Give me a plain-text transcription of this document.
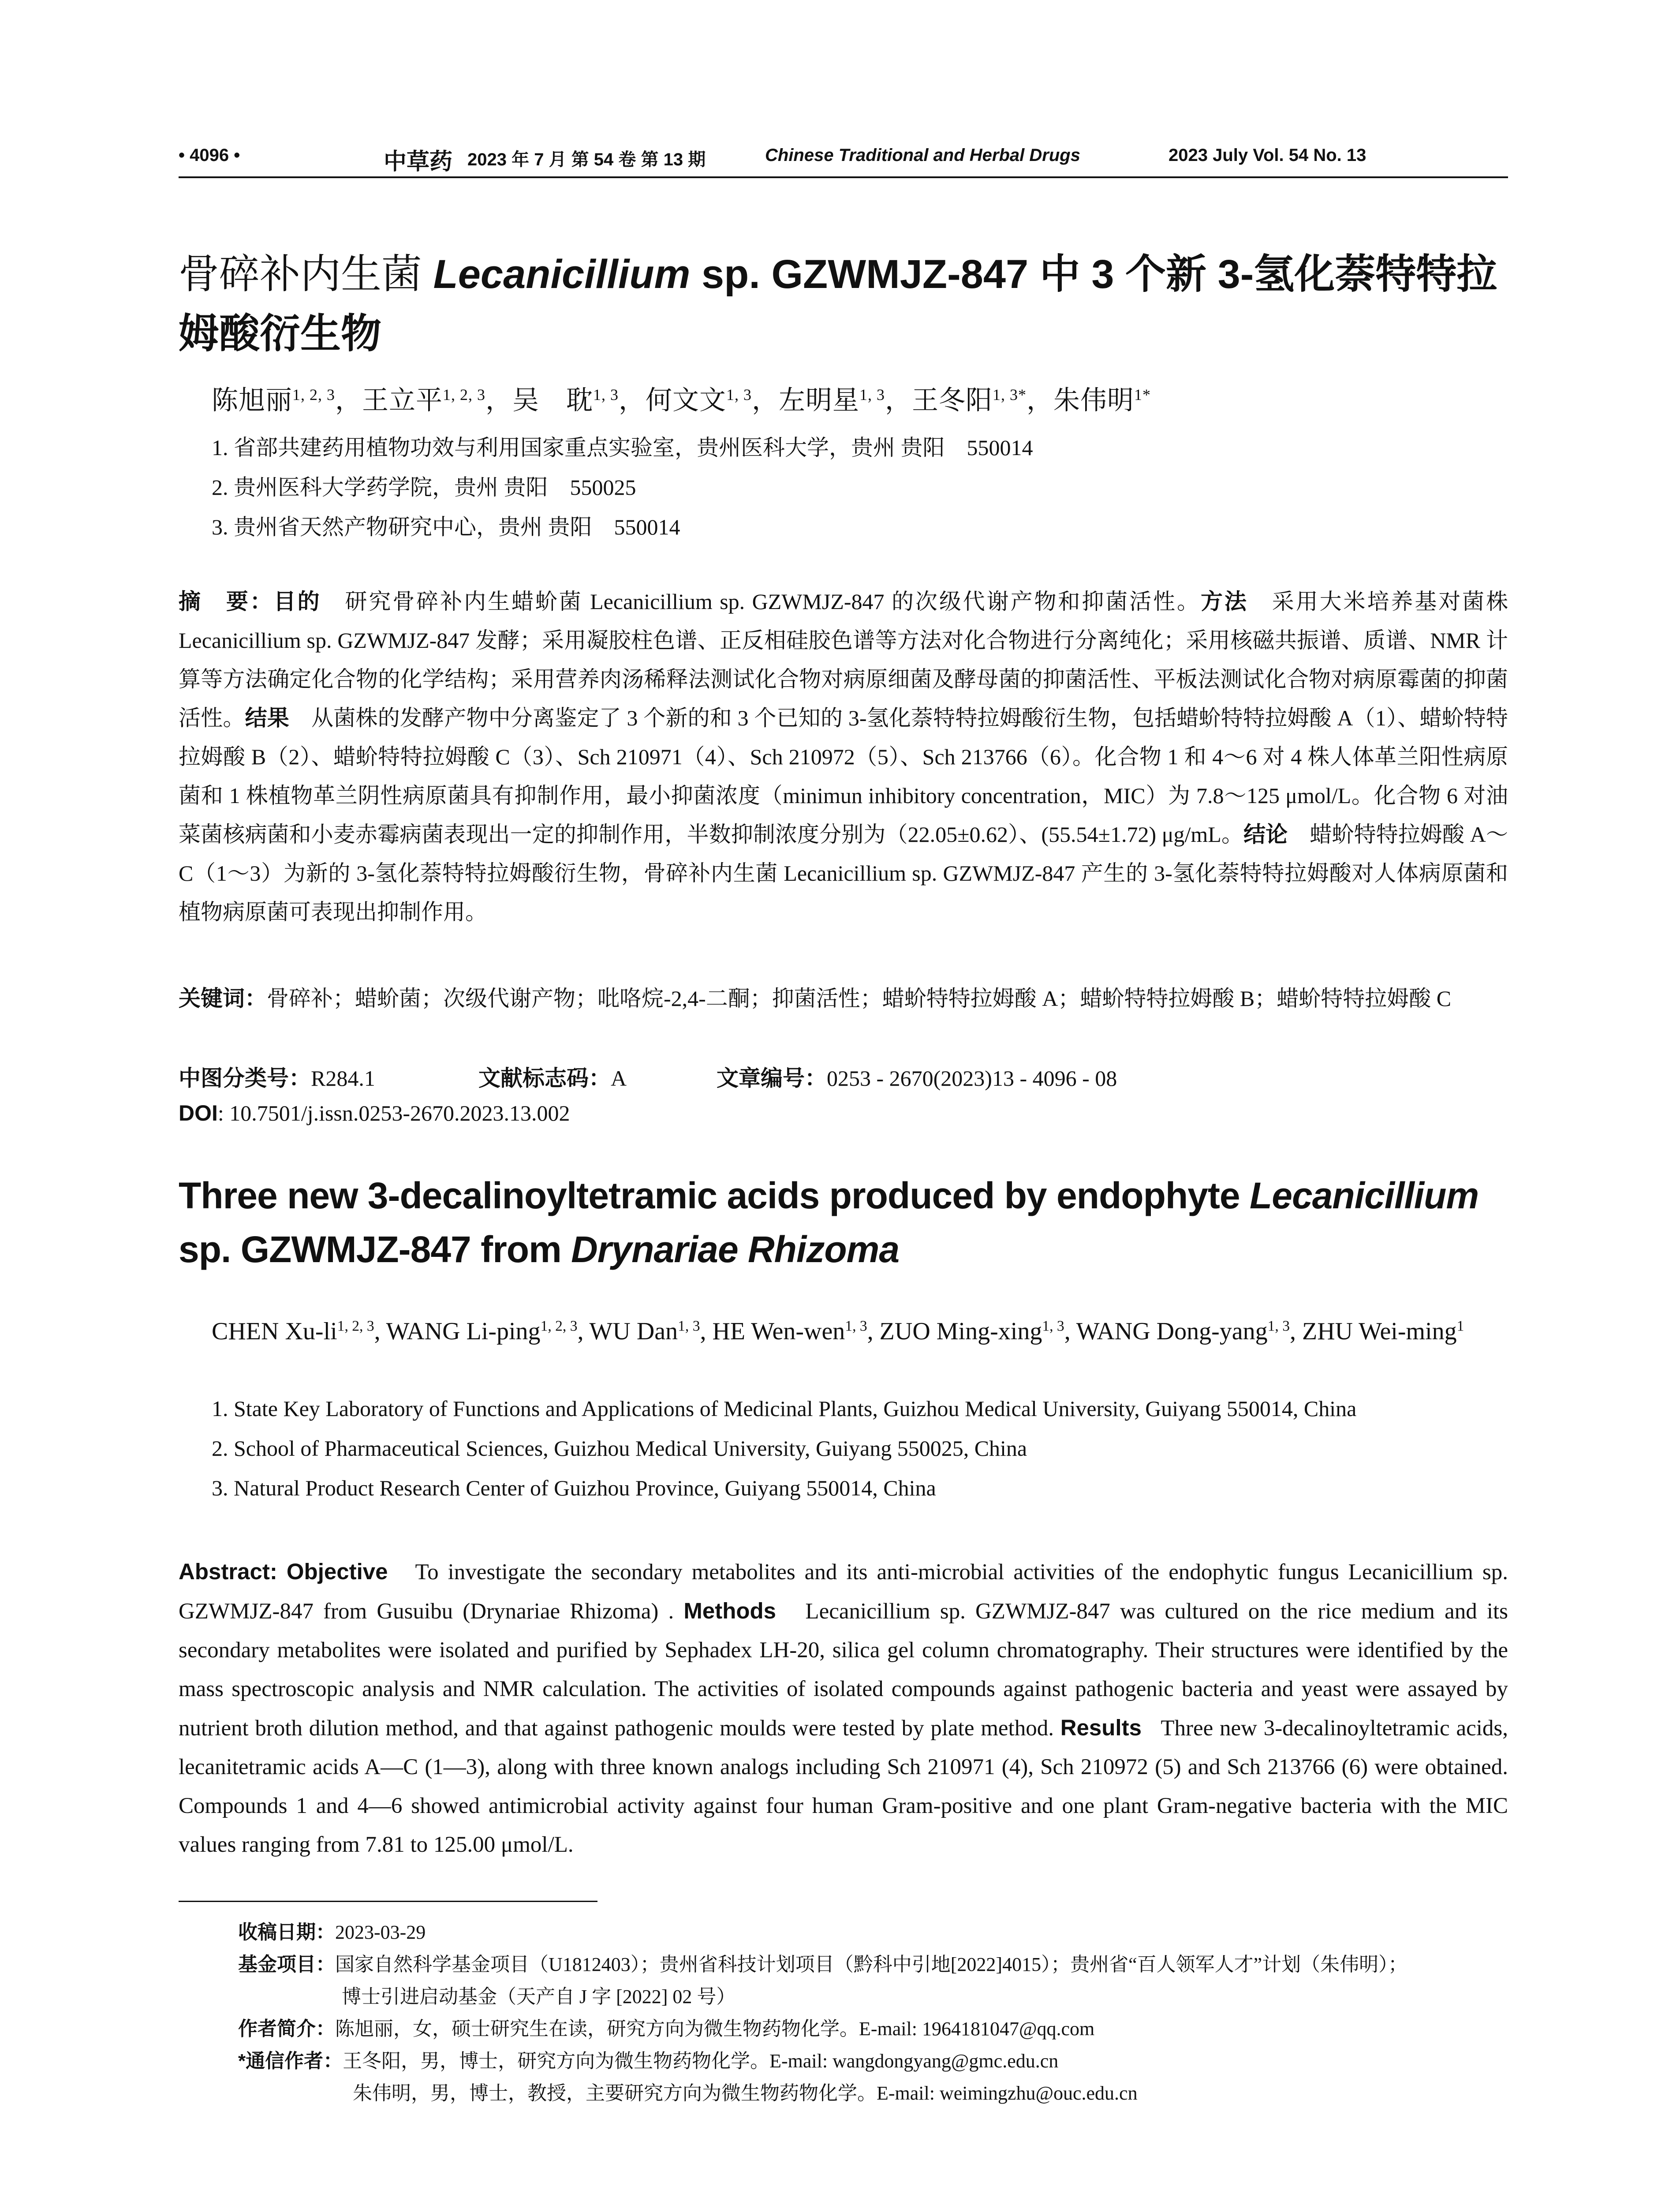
• 4096 •	中草药 2023 年 7 月 第 54 卷 第 13 期	Chinese Traditional and Herbal Drugs	2023 July Vol. 54 No. 13
骨碎补内生菌 Lecanicillium sp. GZWMJZ-847 中 3 个新 3-氢化萘特特拉姆酸衍生物
陈旭丽$^{1, 2, 3}$，王立平$^{1, 2, 3}$，吴　耽$^{1, 3}$，何文文$^{1, 3}$，左明星$^{1, 3}$，王冬阳$^{1, 3*}$，朱伟明$^{1*}$
1. 省部共建药用植物功效与利用国家重点实验室，贵州医科大学，贵州 贵阳　550014
2. 贵州医科大学药学院，贵州 贵阳　550025
3. 贵州省天然产物研究中心，贵州 贵阳　550014
摘　要：目的　 研究骨碎补内生蜡蚧菌 Lecanicillium sp. GZWMJZ-847 的次级代谢产物和抑菌活性。方法　 采用大米培养基对菌株 Lecanicillium sp. GZWMJZ-847 发酵；采用凝胶柱色谱、正反相硅胶色谱等方法对化合物进行分离纯化；采用核磁共振谱、质谱、NMR 计算等方法确定化合物的化学结构；采用营养肉汤稀释法测试化合物对病原细菌及酵母菌的抑菌活性、平板法测试化合物对病原霉菌的抑菌活性。结果　 从菌株的发酵产物中分离鉴定了 3 个新的和 3 个已知的 3-氢化萘特特拉姆酸衍生物，包括蜡蚧特特拉姆酸 A（1）、蜡蚧特特拉姆酸 B（2）、蜡蚧特特拉姆酸 C（3）、Sch 210971（4）、Sch 210972（5）、Sch 213766（6）。化合物 1 和 4～6 对 4 株人体革兰阳性病原菌和 1 株植物革兰阴性病原菌具有抑制作用，最小抑菌浓度（minimun inhibitory concentration，MIC）为 7.8～125 μmol/L。化合物 6 对油菜菌核病菌和小麦赤霉病菌表现出一定的抑制作用，半数抑制浓度分别为（22.05±0.62）、(55.54±1.72) μg/mL。结论　 蜡蚧特特拉姆酸 A～C（1～3）为新的 3-氢化萘特特拉姆酸衍生物，骨碎补内生菌 Lecanicillium sp. GZWMJZ-847 产生的 3-氢化萘特特拉姆酸对人体病原菌和植物病原菌可表现出抑制作用。
关键词：骨碎补；蜡蚧菌；次级代谢产物；吡咯烷-2,4-二酮；抑菌活性；蜡蚧特特拉姆酸 A；蜡蚧特特拉姆酸 B；蜡蚧特特拉姆酸 C
中图分类号：R284.1	文献标志码：A	文章编号：0253 - 2670(2023)13 - 4096 - 08
DOI: 10.7501/j.issn.0253-2670.2023.13.002
Three new 3-decalinoyltetramic acids produced by endophyte Lecanicillium sp. GZWMJZ-847 from Drynariae Rhizoma
CHEN Xu-li$^{1, 2, 3}$, WANG Li-ping$^{1, 2, 3}$, WU Dan$^{1, 3}$, HE Wen-wen$^{1, 3}$, ZUO Ming-xing$^{1, 3}$, WANG Dong-yang$^{1, 3}$, ZHU Wei-ming$^1$
1. State Key Laboratory of Functions and Applications of Medicinal Plants, Guizhou Medical University, Guiyang 550014, China
2. School of Pharmaceutical Sciences, Guizhou Medical University, Guiyang 550025, China
3. Natural Product Research Center of Guizhou Province, Guiyang 550014, China
Abstract: Objective To investigate the secondary metabolites and its anti-microbial activities of the endophytic fungus Lecanicillium sp. GZWMJZ-847 from Gusuibu (Drynariae Rhizoma) . Methods Lecanicillium sp. GZWMJZ-847 was cultured on the rice medium and its secondary metabolites were isolated and purified by Sephadex LH-20, silica gel column chromatography. Their structures were identified by the mass spectroscopic analysis and NMR calculation. The activities of isolated compounds against pathogenic bacteria and yeast were assayed by nutrient broth dilution method, and that against pathogenic moulds were tested by plate method. Results Three new 3-decalinoyltetramic acids, lecanitetramic acids A—C (1—3), along with three known analogs including Sch 210971 (4), Sch 210972 (5) and Sch 213766 (6) were obtained. Compounds 1 and 4—6 showed antimicrobial activity against four human Gram-positive and one plant Gram-negative bacteria with the MIC values ranging from 7.81 to 125.00 μmol/L.
收稿日期：2023-03-29
基金项目：国家自然科学基金项目（U1812403）；贵州省科技计划项目（黔科中引地[2022]4015）；贵州省“百人领军人才”计划（朱伟明）；
博士引进启动基金（天产自 J 字 [2022] 02 号）
作者简介：陈旭丽，女，硕士研究生在读，研究方向为微生物药物化学。E-mail: 1964181047@qq.com
*通信作者：王冬阳，男，博士，研究方向为微生物药物化学。E-mail: wangdongyang@gmc.edu.cn
朱伟明，男，博士，教授，主要研究方向为微生物药物化学。E-mail: weimingzhu@ouc.edu.cn
